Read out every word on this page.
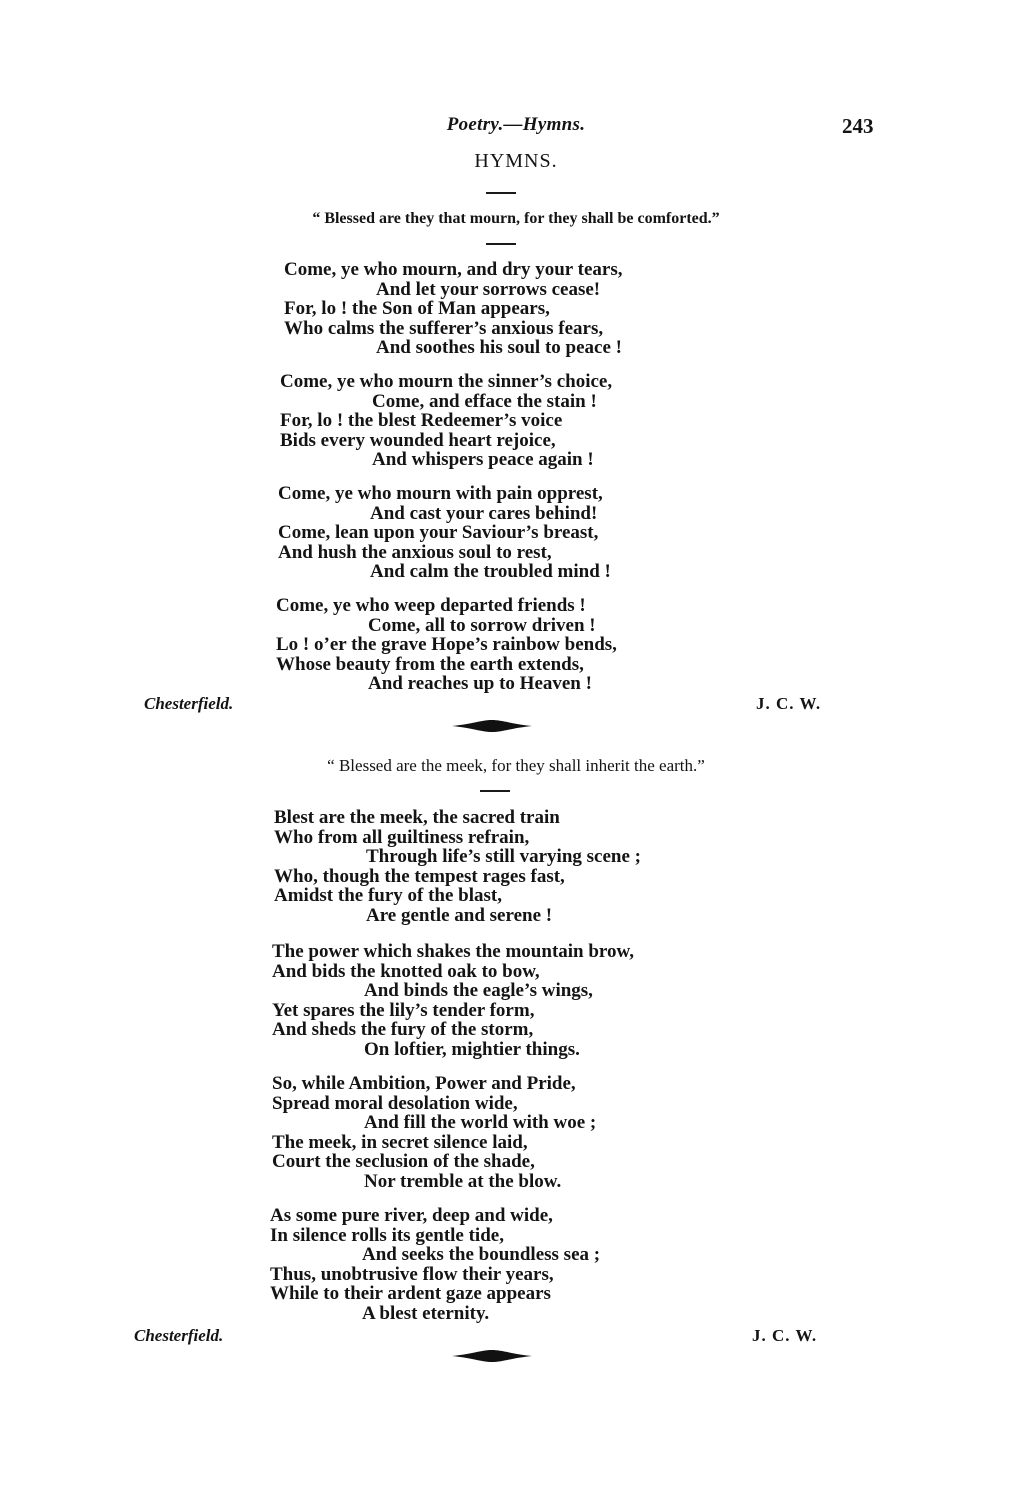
Poetry.—Hymns.	243
HYMNS.
“ Blessed are they that mourn, for they shall be comforted.”
Come, ye who mourn, and dry your tears,
And let your sorrows cease!
For, lo ! the Son of Man appears,
Who calms the sufferer’s anxious fears,
And soothes his soul to peace !
Come, ye who mourn the sinner’s choice,
Come, and efface the stain !
For, lo ! the blest Redeemer’s voice
Bids every wounded heart rejoice,
And whispers peace again !
Come, ye who mourn with pain opprest,
And cast your cares behind!
Come, lean upon your Saviour’s breast,
And hush the anxious soul to rest,
And calm the troubled mind !
Come, ye who weep departed friends !
Come, all to sorrow driven !
Lo ! o’er the grave Hope’s rainbow bends,
Whose beauty from the earth extends,
And reaches up to Heaven !
Chesterfield.	J. C. W.
“ Blessed are the meek, for they shall inherit the earth.”
Blest are the meek, the sacred train
Who from all guiltiness refrain,
Through life’s still varying scene ;
Who, though the tempest rages fast,
Amidst the fury of the blast,
Are gentle and serene !
The power which shakes the mountain brow,
And bids the knotted oak to bow,
And binds the eagle’s wings,
Yet spares the lily’s tender form,
And sheds the fury of the storm,
On loftier, mightier things.
So, while Ambition, Power and Pride,
Spread moral desolation wide,
And fill the world with woe ;
The meek, in secret silence laid,
Court the seclusion of the shade,
Nor tremble at the blow.
As some pure river, deep and wide,
In silence rolls its gentle tide,
And seeks the boundless sea ;
Thus, unobtrusive flow their years,
While to their ardent gaze appears
A blest eternity.
Chesterfield.	J. C. W.
